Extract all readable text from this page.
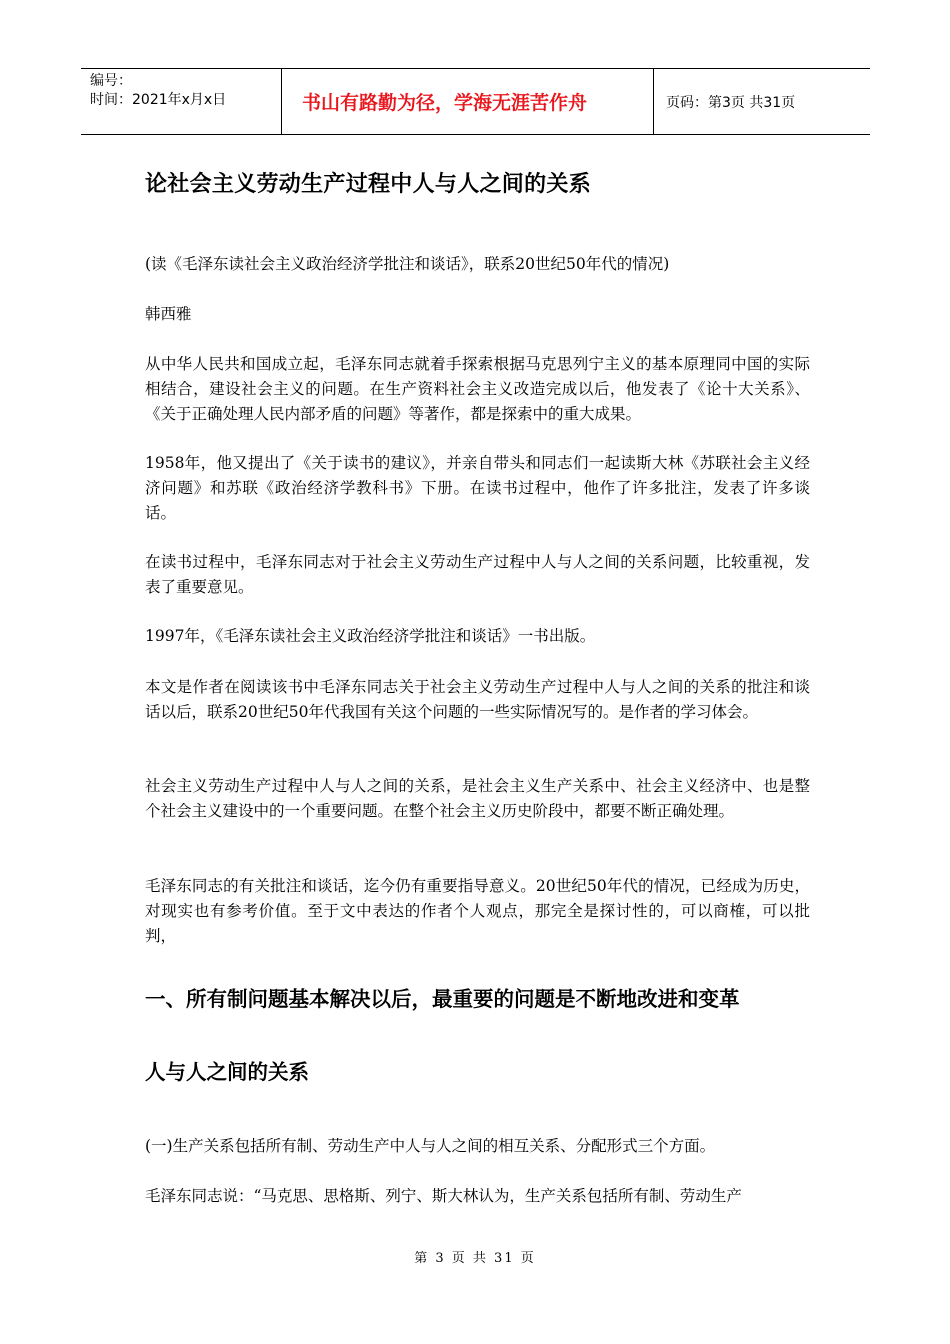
编号：
时间：2021年x月x日	书山有路勤为径，学海无涯苦作舟	页码：第3页 共31页
论社会主义劳动生产过程中人与人之间的关系
(读《毛泽东读社会主义政治经济学批注和谈话》，联系20世纪50年代的情况)
韩西雅
从中华人民共和国成立起，毛泽东同志就着手探索根据马克思列宁主义的基本原理同中国的实际相结合，建设社会主义的问题。在生产资料社会主义改造完成以后，他发表了《论十大关系》、《关于正确处理人民内部矛盾的问题》等著作，都是探索中的重大成果。
1958年，他又提出了《关于读书的建议》，并亲自带头和同志们一起读斯大林《苏联社会主义经济问题》和苏联《政治经济学教科书》下册。在读书过程中，他作了许多批注，发表了许多谈话。
在读书过程中，毛泽东同志对于社会主义劳动生产过程中人与人之间的关系问题，比较重视，发表了重要意见。
1997年，《毛泽东读社会主义政治经济学批注和谈话》一书出版。
本文是作者在阅读该书中毛泽东同志关于社会主义劳动生产过程中人与人之间的关系的批注和谈话以后，联系20世纪50年代我国有关这个问题的一些实际情况写的。是作者的学习体会。
社会主义劳动生产过程中人与人之间的关系，是社会主义生产关系中、社会主义经济中、也是整个社会主义建设中的一个重要问题。在整个社会主义历史阶段中，都要不断正确处理。
毛泽东同志的有关批注和谈话，迄今仍有重要指导意义。20世纪50年代的情况，已经成为历史，对现实也有参考价值。至于文中表达的作者个人观点，那完全是探讨性的，可以商榷，可以批判，
一、所有制问题基本解决以后，最重要的问题是不断地改进和变革
人与人之间的关系
(一)生产关系包括所有制、劳动生产中人与人之间的相互关系、分配形式三个方面。
毛泽东同志说：“马克思、思格斯、列宁、斯大林认为，生产关系包括所有制、劳动生产
第 3 页 共 31 页
